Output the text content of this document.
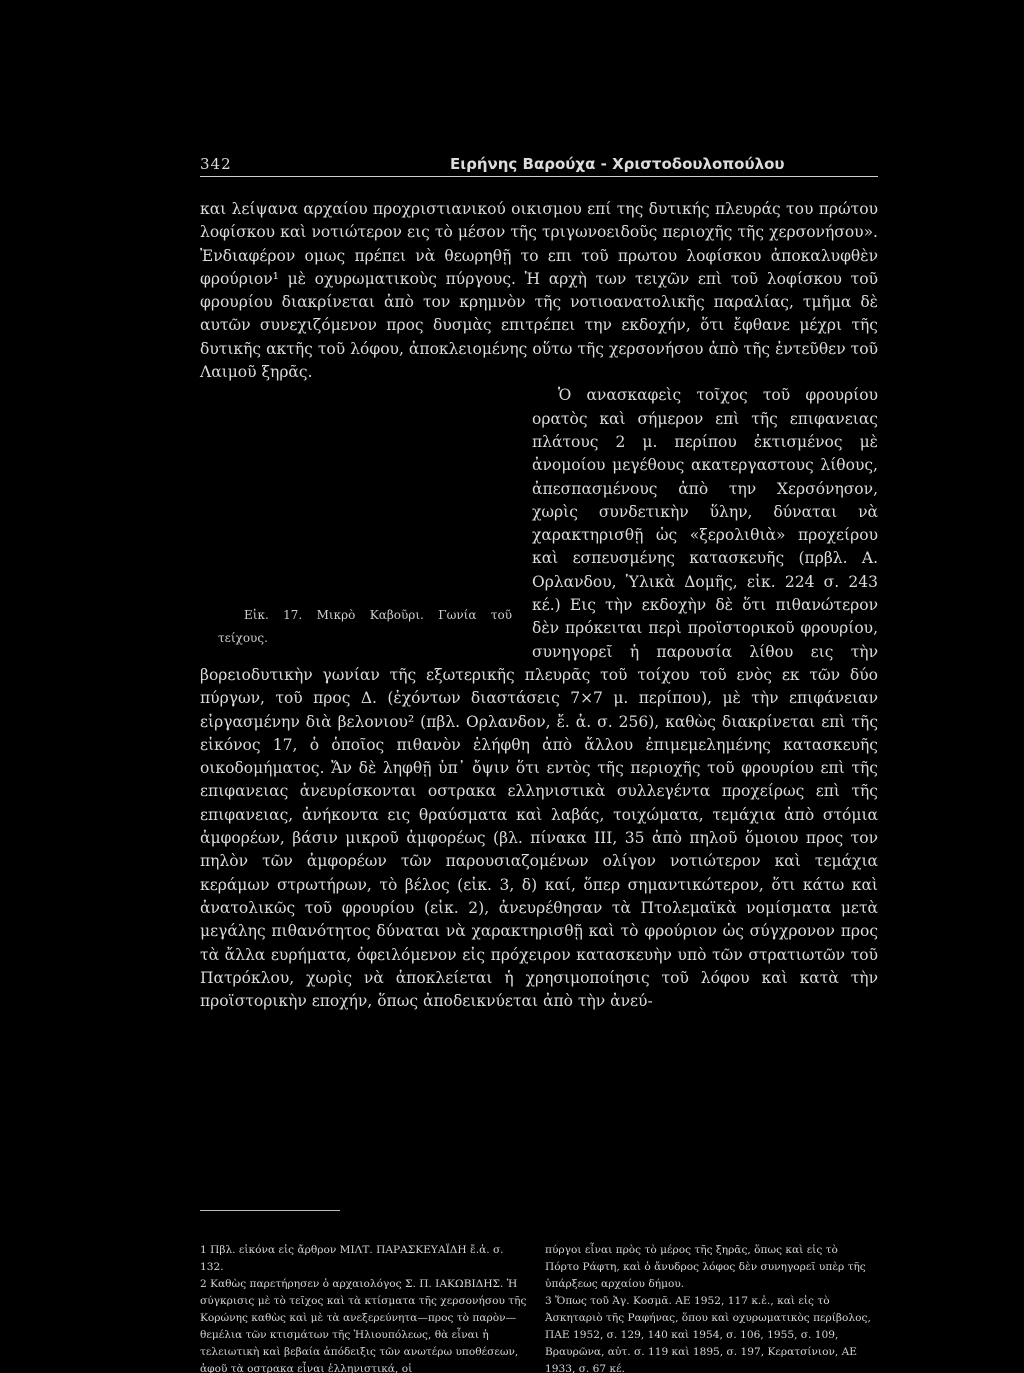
342	Ειρήνης Βαρούχα - Χριστοδουλοπούλου

και λείψανα αρχαίου προχριστιανικού οικισμου επί της δυτικής πλευράς του πρώτου λοφίσκου καὶ νοτιώτερον εις τὸ μέσον τῆς τριγωνοειδοῦς περιοχῆς τῆς χερσονήσου». Ἐνδιαφέρον ομως πρέπει νὰ θεωρηθῇ το επι τοῦ πρωτου λοφίσκου ἀποκαλυφθὲν φρούριον¹ μὲ οχυρωματικοὺς πύργους. Ἡ αρχὴ των τειχῶν επὶ τοῦ λοφίσκου τοῦ φρουρίου διακρίνεται ἀπὸ τον κρημνὸν τῆς νοτιοανατολικῆς παραλίας, τμῆμα δὲ αυτῶν συνεχιζόμενον προς δυσμὰς επιτρέπει την εκδοχήν, ὅτι ἔφθανε μέχρι τῆς δυτικῆς ακτῆς τοῦ λόφου, ἀποκλειομένης οὕτω τῆς χερσονήσου ἀπὸ τῆς ἐντεῦθεν τοῦ Λαιμοῦ ξηρᾶς.

Εἰκ. 17. Μικρὸ Καβοῦρι. Γωνία τοῦ τείχους.
Ὁ ανασκαφεὶς τοῖχος τοῦ φρουρίου ορατὸς καὶ σήμερον επὶ τῆς επιφανειας πλάτους 2 μ. περίπου ἐκτισμένος μὲ ἀνομοίου μεγέθους ακατεργαστους λίθους, ἀπεσπασμένους ἀπὸ την Χερσόνησον, χωρὶς συνδετικὴν ὕλην, δύναται νὰ χαρακτηρισθῇ ὡς «ξερολιθιὰ» προχείρου καὶ εσπευσμένης κατασκευῆς (πρβλ. Α. Ορλανδου, Ὑλικὰ Δομῆς, εἰκ. 224 σ. 243 κέ.) Εις τὴν εκδοχὴν δὲ ὅτι πιθανώτερον δὲν πρόκειται περὶ προϊστορικοῦ φρουρίου, συνηγορεῖ ἡ παρουσία λίθου εις τὴν βορειοδυτικὴν γωνίαν τῆς εξωτερικῆς πλευρᾶς τοῦ τοίχου τοῦ ενὸς εκ τῶν δύο πύργων, τοῦ προς Δ. (ἐχόντων διαστάσεις 7×7 μ. περίπου), μὲ τὴν επιφάνειαν εἰργασμένην διὰ βελονιου² (πβλ. Ορλανδον, ἔ. ἀ. σ. 256), καθὼς διακρίνεται επὶ τῆς εἰκόνος 17, ὁ ὁποῖος πιθανὸν ἐλήφθη ἀπὸ ἄλλου ἐπιμεμελημένης κατασκευῆς οικοδομήματος. Ἄν δὲ ληφθῇ ὑπ᾽ ὄψιν ὅτι εντὸς τῆς περιοχῆς τοῦ φρουρίου επὶ τῆς επιφανειας ἀνευρίσκονται οστρακα ελληνιστικὰ συλλεγέντα προχείρως επὶ τῆς επιφανειας, ἀνήκοντα εις θραύσματα καὶ λαβάς, τοιχώματα, τεμάχια ἀπὸ στόμια ἀμφορέων, βάσιν μικροῦ ἀμφορέως (βλ. πίνακα ΙΙΙ, 35 ἀπὸ πηλοῦ ὅμοιου προς τον πηλὸν τῶν ἀμφορέων τῶν παρουσιαζομένων ολίγον νοτιώτερον καὶ τεμάχια κεράμων στρωτήρων, τὸ βέλος (εἰκ. 3, δ) καί, ὅπερ σημαντικώτερον, ὅτι κάτω καὶ ἀνατολικῶς τοῦ φρουρίου (εἰκ. 2), ἀνευρέθησαν τὰ Πτολεμαϊκὰ νομίσματα μετὰ μεγάλης πιθανότητος δύναται νὰ χαρακτηρισθῇ καὶ τὸ φρούριον ὡς σύγχρονον προς τὰ ἄλλα ευρήματα, ὀφειλόμενον εἰς πρόχειρον κατασκευὴν υπὸ τῶν στρατιωτῶν τοῦ Πατρόκλου, χωρὶς νὰ ἀποκλείεται ἡ χρησιμοποίησις τοῦ λόφου καὶ κατὰ τὴν προϊστορικὴν εποχήν, ὅπως ἀποδεικνύεται ἀπὸ τὴν ἀνεύ-

1 Πβλ. εἰκόνα εἰς ἄρθρον ΜΙΛΤ. ΠΑΡΑΣΚΕΥΑΪΔΗ ἔ.ἀ. σ. 132.

2 Καθὼς παρετήρησεν ὁ αρχαιολόγος Σ. Π. ΙΑΚΩΒΙΔΗΣ. Ἡ σύγκρισις μὲ τὸ τεῖχος καὶ τὰ κτίσματα τῆς χερσονήσου τῆς Κορώνης καθὼς καὶ μὲ τὰ ανεξερεύνητα—προς τὸ παρὸν—θεμέλια τῶν κτισμάτων τῆς Ἡλιουπόλεως, θὰ εἶναι ἡ τελειωτικὴ καὶ βεβαία ἀπόδειξις τῶν ανωτέρω υποθέσεων, ἀφοῦ τὰ οστρακα εἶναι ἑλληνιστικά, οἱ

πύργοι εἶναι πρὸς τὸ μέρος τῆς ξηρᾶς, ὅπως καὶ εἰς τὸ Πόρτο Ράφτη, καὶ ὁ ἄνυδρος λόφος δὲν συνηγορεῖ υπὲρ τῆς ὑπάρξεως αρχαίου δήμου.

3 Ὅπως τοῦ Ἁγ. Κοσμᾶ. ΑΕ 1952, 117 κ.ἑ., καὶ εἰς τὸ Ἀσκηταριὸ τῆς Ραφήνας, ὅπου καὶ οχυρωματικὸς περίβολος, ΠΑΕ 1952, σ. 129, 140 καὶ 1954, σ. 106, 1955, σ. 109, Βραυρῶνα, αὐτ. σ. 119 καὶ 1895, σ. 197, Κερατσίνιον, ΑΕ 1933, σ. 67 κέ.
